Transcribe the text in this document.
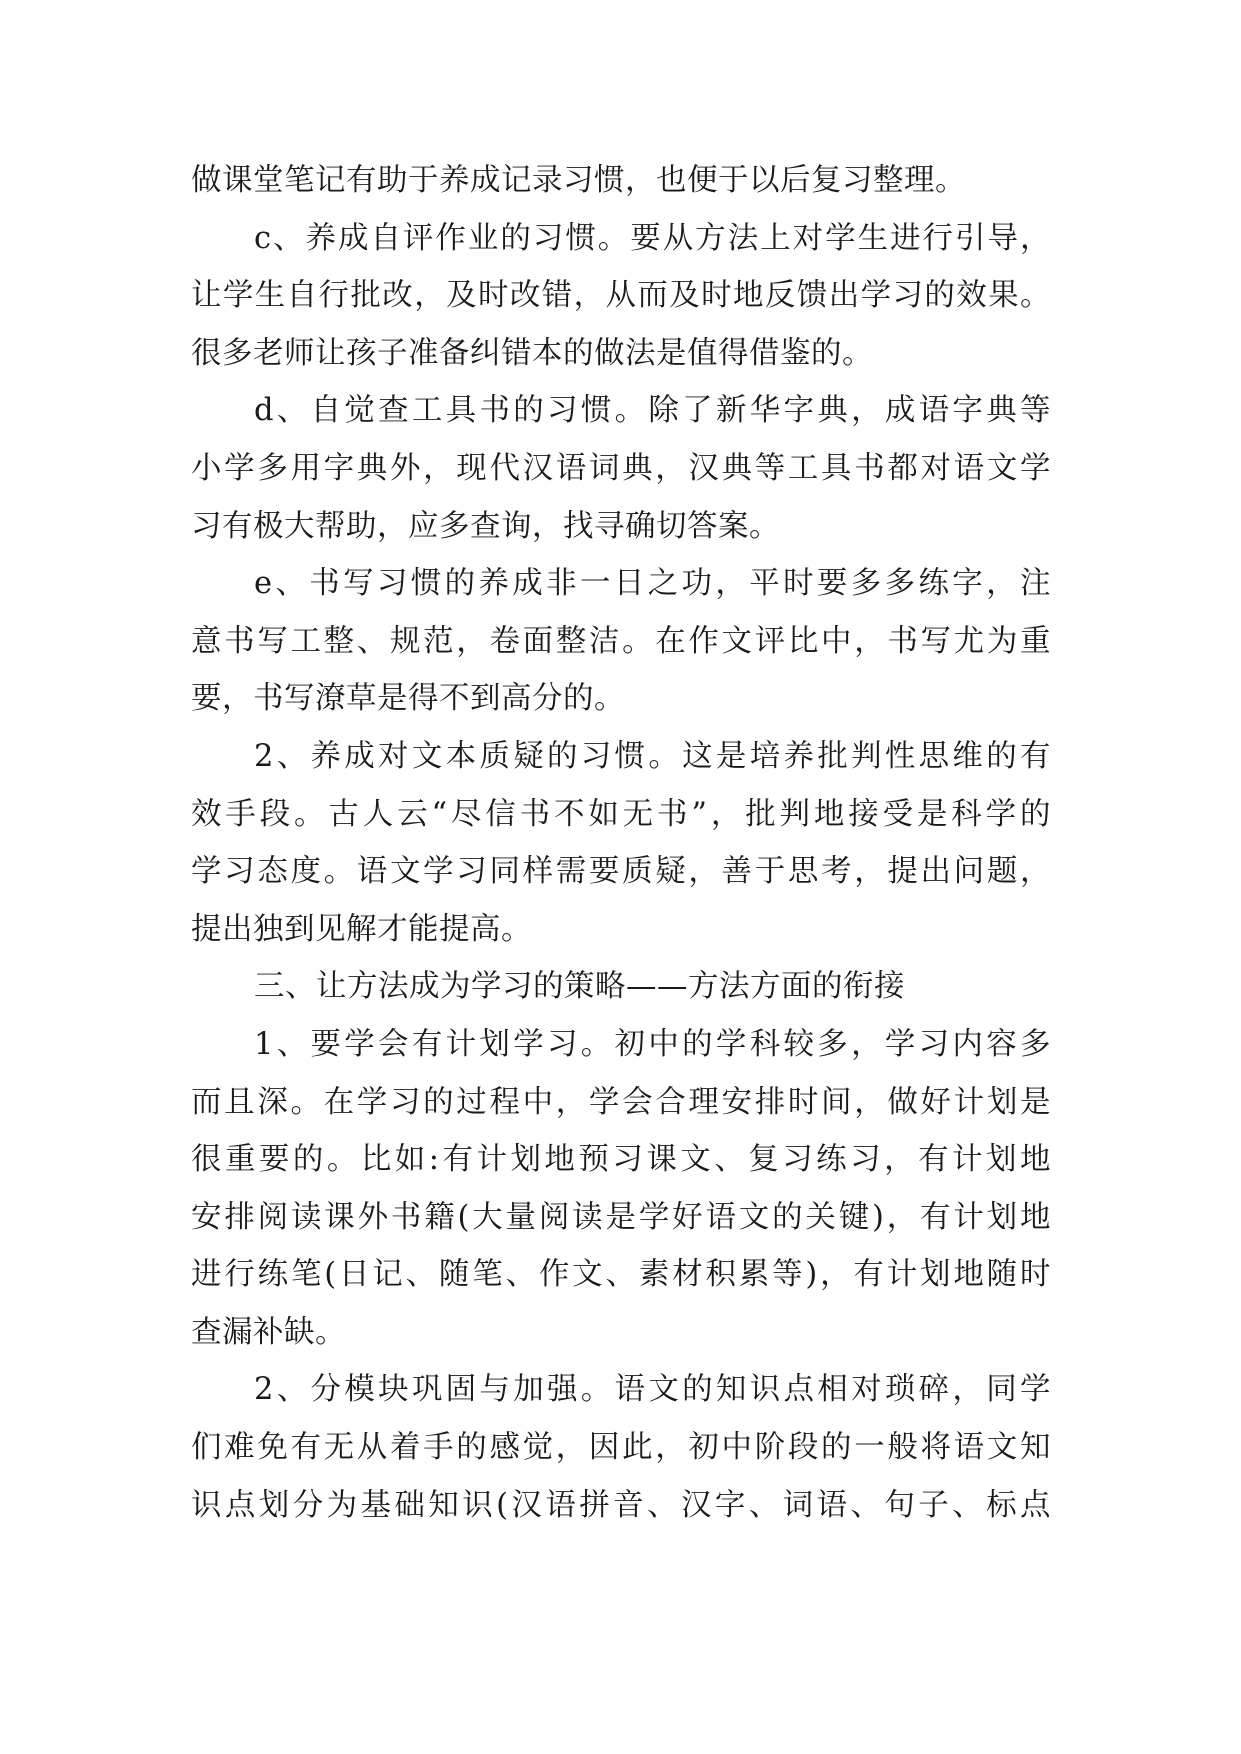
做课堂笔记有助于养成记录习惯，也便于以后复习整理。
c、养成自评作业的习惯。要从方法上对学生进行引导，
让学生自行批改，及时改错，从而及时地反馈出学习的效果。
很多老师让孩子准备纠错本的做法是值得借鉴的。
d、自觉查工具书的习惯。除了新华字典，成语字典等
小学多用字典外，现代汉语词典，汉典等工具书都对语文学
习有极大帮助，应多查询，找寻确切答案。
e、书写习惯的养成非一日之功，平时要多多练字，注
意书写工整、规范，卷面整洁。在作文评比中，书写尤为重
要，书写潦草是得不到高分的。
2、养成对文本质疑的习惯。这是培养批判性思维的有
效手段。古人云“尽信书不如无书”，批判地接受是科学的
学习态度。语文学习同样需要质疑，善于思考，提出问题，
提出独到见解才能提高。
三、让方法成为学习的策略——方法方面的衔接
1、要学会有计划学习。初中的学科较多，学习内容多
而且深。在学习的过程中，学会合理安排时间，做好计划是
很重要的。比如:有计划地预习课文、复习练习，有计划地
安排阅读课外书籍(大量阅读是学好语文的关键)，有计划地
进行练笔(日记、随笔、作文、素材积累等)，有计划地随时
查漏补缺。
2、分模块巩固与加强。语文的知识点相对琐碎，同学
们难免有无从着手的感觉，因此，初中阶段的一般将语文知
识点划分为基础知识(汉语拼音、汉字、词语、句子、标点
